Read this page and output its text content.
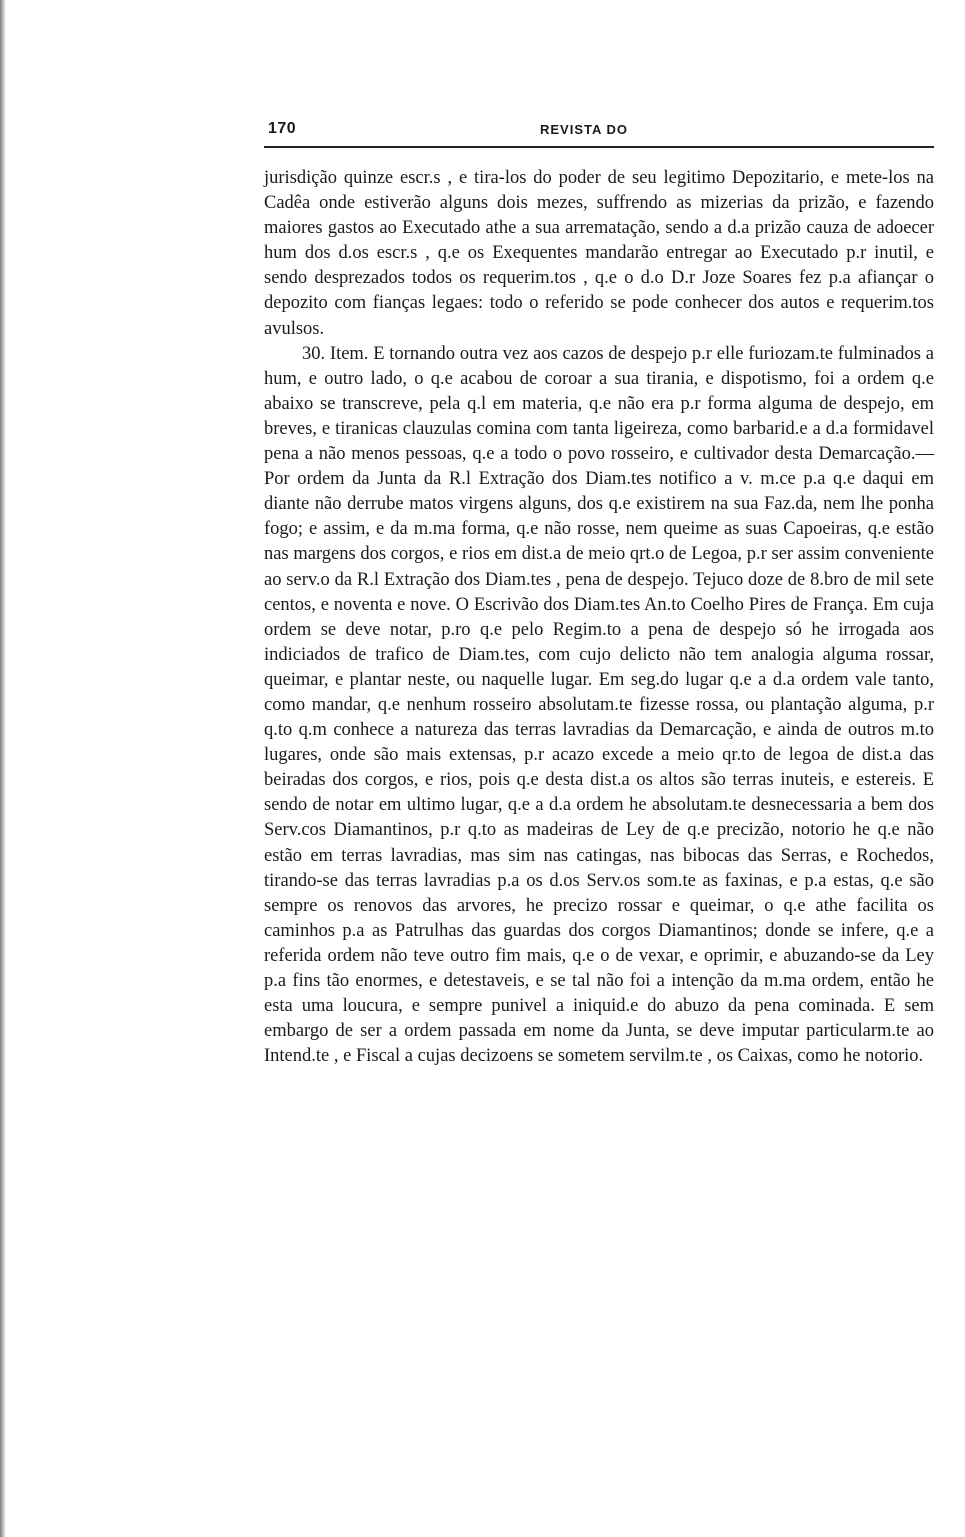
170	REVISTA DO

jurisdição quinze escr.s , e tira-los do poder de seu legitimo Depozitario, e mete-los na Cadêa onde estiverão alguns dois mezes, suffrendo as mizerias da prizão, e fazendo maiores gastos ao Executado athe a sua arrematação, sendo a d.a prizão cauza de adoecer hum dos d.os escr.s , q.e os Exequentes mandarão entregar ao Executado p.r inutil, e sendo desprezados todos os requerim.tos , q.e o d.o D.r Joze Soares fez p.a afiançar o depozito com fianças legaes: todo o referido se pode conhecer dos autos e requerim.tos avulsos.

30. Item. E tornando outra vez aos cazos de despejo p.r elle furiozam.te fulminados a hum, e outro lado, o q.e acabou de coroar a sua tirania, e dispotismo, foi a ordem q.e abaixo se transcreve, pela q.l em materia, q.e não era p.r forma alguma de despejo, em breves, e tiranicas clauzulas comina com tanta ligeireza, como barbarid.e a d.a formidavel pena a não menos pessoas, q.e a todo o povo rosseiro, e cultivador desta Demarcação.—Por ordem da Junta da R.l Extração dos Diam.tes notifico a v. m.ce p.a q.e daqui em diante não derrube matos virgens alguns, dos q.e existirem na sua Faz.da, nem lhe ponha fogo; e assim, e da m.ma forma, q.e não rosse, nem queime as suas Capoeiras, q.e estão nas margens dos corgos, e rios em dist.a de meio qrt.o de Legoa, p.r ser assim conveniente ao serv.o da R.l Extração dos Diam.tes , pena de despejo. Tejuco doze de 8.bro de mil sete centos, e noventa e nove. O Escrivão dos Diam.tes An.to Coelho Pires de França. Em cuja ordem se deve notar, p.ro q.e pelo Regim.to a pena de despejo só he irrogada aos indiciados de trafico de Diam.tes, com cujo delicto não tem analogia alguma rossar, queimar, e plantar neste, ou naquelle lugar. Em seg.do lugar q.e a d.a ordem vale tanto, como mandar, q.e nenhum rosseiro absolutam.te fizesse rossa, ou plantação alguma, p.r q.to q.m conhece a natureza das terras lavradias da Demarcação, e ainda de outros m.to lugares, onde são mais extensas, p.r acazo excede a meio qr.to de legoa de dist.a das beiradas dos corgos, e rios, pois q.e desta dist.a os altos são terras inuteis, e estereis. E sendo de notar em ultimo lugar, q.e a d.a ordem he absolutam.te desnecessaria a bem dos Serv.cos Diamantinos, p.r q.to as madeiras de Ley de q.e precizão, notorio he q.e não estão em terras lavradias, mas sim nas catingas, nas bibocas das Serras, e Rochedos, tirando-se das terras lavradias p.a os d.os Serv.os som.te as faxinas, e p.a estas, q.e são sempre os renovos das arvores, he precizo rossar e queimar, o q.e athe facilita os caminhos p.a as Patrulhas das guardas dos corgos Diamantinos; donde se infere, q.e a referida ordem não teve outro fim mais, q.e o de vexar, e oprimir, e abuzando-se da Ley p.a fins tão enormes, e detestaveis, e se tal não foi a intenção da m.ma ordem, então he esta uma loucura, e sempre punivel a iniquid.e do abuzo da pena cominada. E sem embargo de ser a ordem passada em nome da Junta, se deve imputar particularm.te ao Intend.te , e Fiscal a cujas decizoens se sometem servilm.te , os Caixas, como he notorio.
